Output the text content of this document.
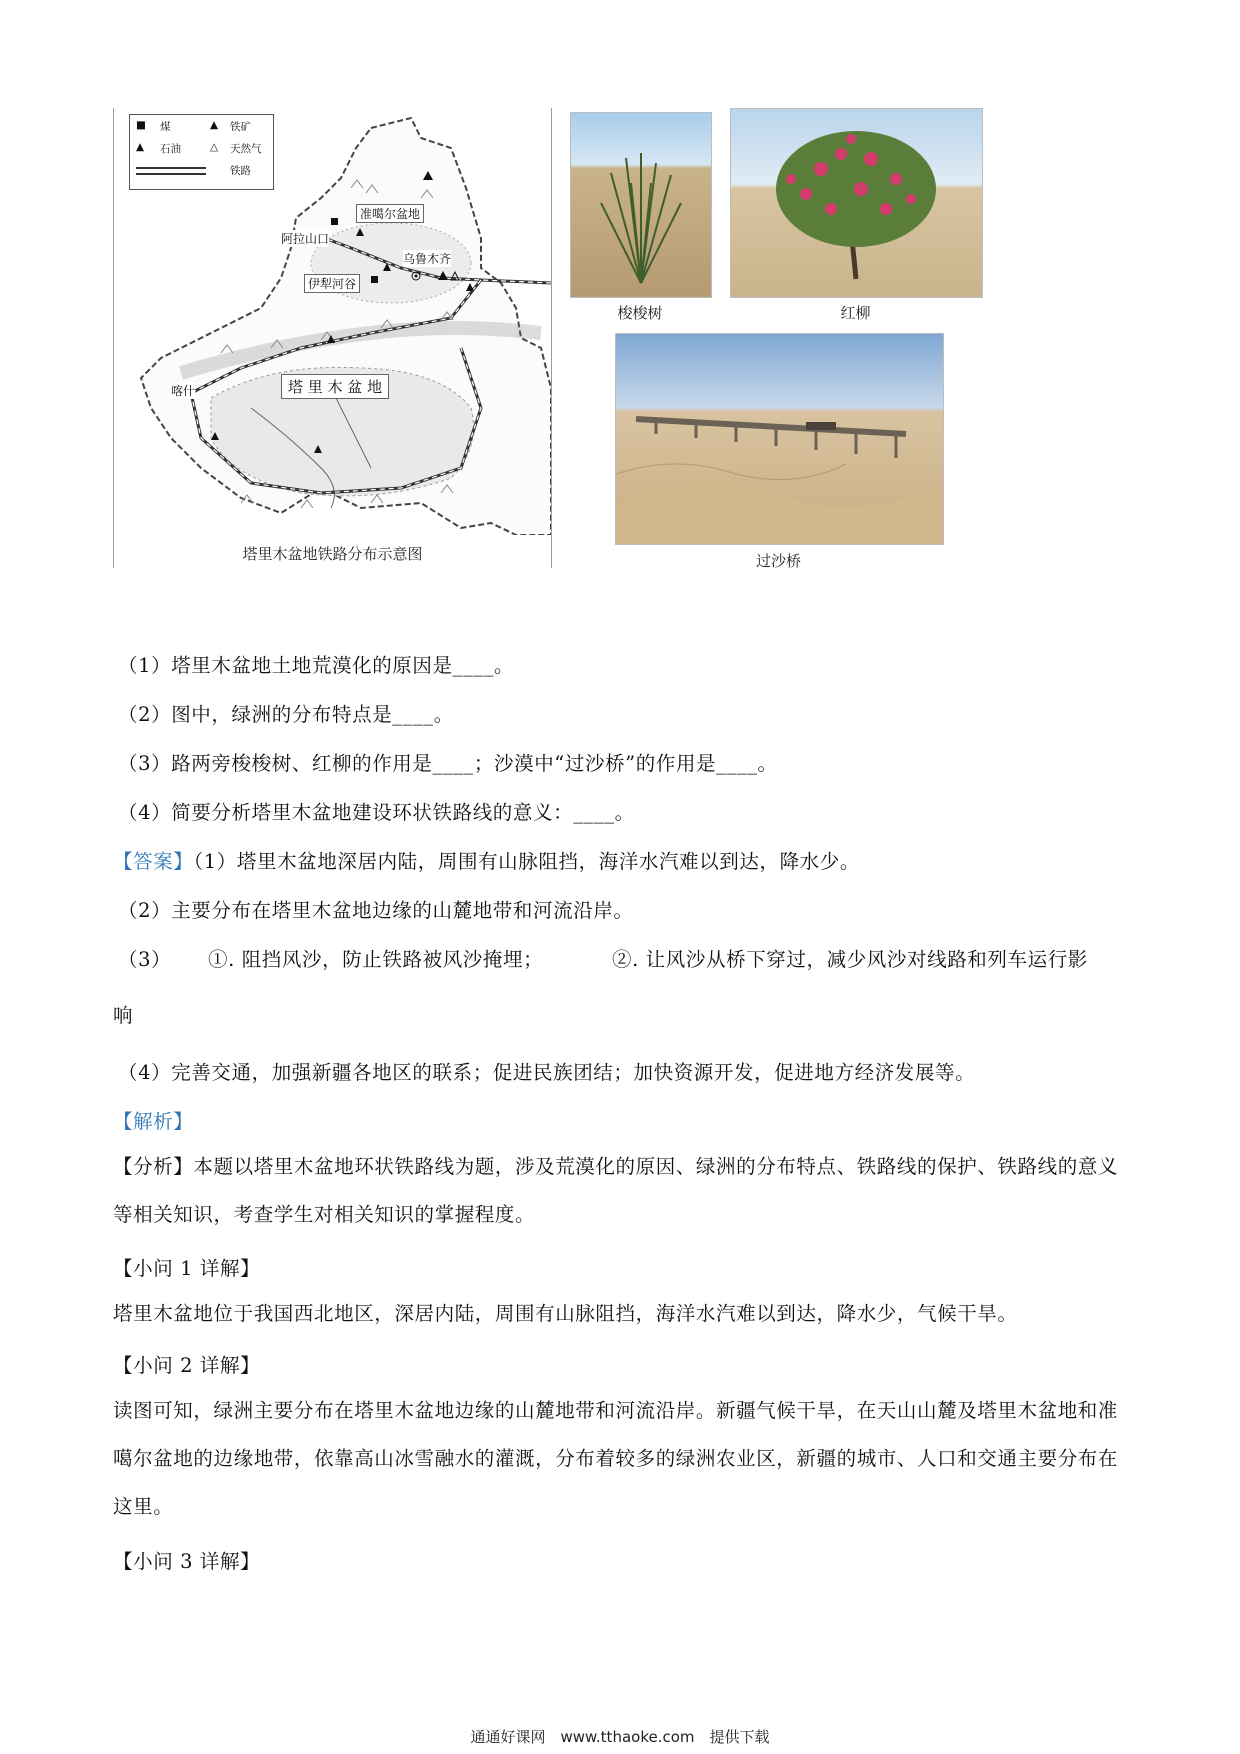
■ 煤	▲ 铁矿
▲ 石油	△ 天然气
铁路
准噶尔盆地
阿拉山口
乌鲁木齐
伊犁河谷
塔 里 木 盆 地
喀什
塔里木盆地铁路分布示意图
梭梭树	红柳
过沙桥
（1）塔里木盆地土地荒漠化的原因是____。
（2）图中，绿洲的分布特点是____。
（3）路两旁梭梭树、红柳的作用是____；沙漠中“过沙桥”的作用是____。
（4）简要分析塔里木盆地建设环状铁路线的意义：____。
【答案】（1）塔里木盆地深居内陆，周围有山脉阻挡，海洋水汽难以到达，降水少。
（2）主要分布在塔里木盆地边缘的山麓地带和河流沿岸。
（3） ①. 阻挡风沙，防止铁路被风沙掩埋；	②. 让风沙从桥下穿过，减少风沙对线路和列车运行影
响
（4）完善交通，加强新疆各地区的联系；促进民族团结；加快资源开发，促进地方经济发展等。
【解析】
【分析】本题以塔里木盆地环状铁路线为题，涉及荒漠化的原因、绿洲的分布特点、铁路线的保护、铁路线的意义等相关知识，考查学生对相关知识的掌握程度。
【小问 1 详解】
塔里木盆地位于我国西北地区，深居内陆，周围有山脉阻挡，海洋水汽难以到达，降水少，气候干旱。
【小问 2 详解】
读图可知，绿洲主要分布在塔里木盆地边缘的山麓地带和河流沿岸。新疆气候干旱，在天山山麓及塔里木盆地和准噶尔盆地的边缘地带，依靠高山冰雪融水的灌溉，分布着较多的绿洲农业区，新疆的城市、人口和交通主要分布在这里。
【小问 3 详解】
通通好课网　www.tthaoke.com　提供下载
